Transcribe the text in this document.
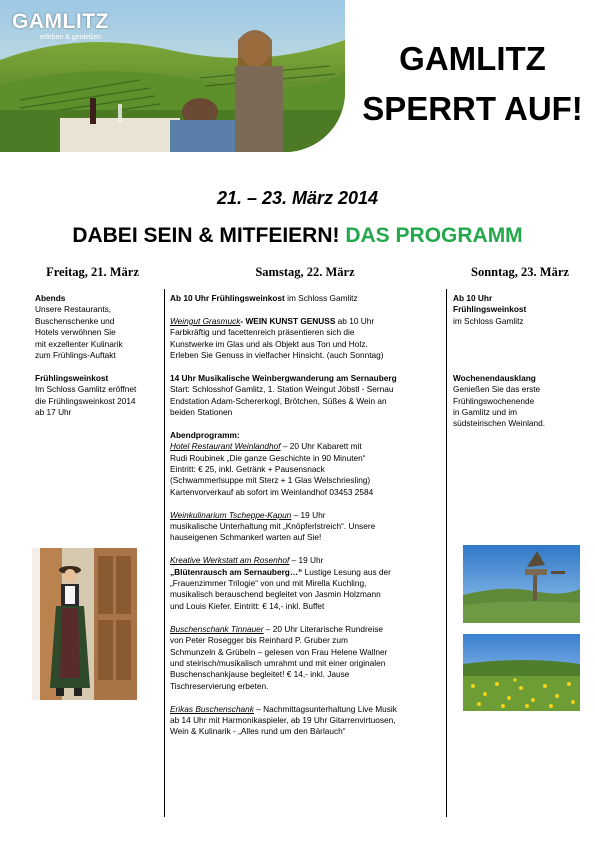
GAMLITZ
erleben & genießen
GAMLITZ
SPERRT AUF!
21. – 23. März 2014
DABEI SEIN & MITFEIERN! DAS PROGRAMM
Freitag, 21. März	Samstag, 22. März	Sonntag, 23. März

Abends

Unsere Restaurants,

Buschenschenke und

Hotels verwöhnen Sie

mit exzellenter Kulinarik

zum Frühlings-Auftakt

Frühlingsweinkost

Im Schloss Gamlitz eröffnet

die Frühlingsweinkost 2014

ab 17 Uhr

Ab 10 Uhr Frühlingsweinkost im Schloss Gamlitz

Weingut Grasmuck- WEIN KUNST GENUSS ab 10 Uhr

Farbkräftig und facettenreich präsentieren sich die

Kunstwerke im Glas und als Objekt aus Ton und Holz.

Erleben Sie Genuss in vielfacher Hinsicht. (auch Sonntag)

14 Uhr Musikalische Weinbergwanderung am Sernauberg

Start: Schlosshof Gamlitz, 1. Station Weingut Jöbstl - Sernau

Endstation Adam-Schererkogl, Brötchen, Süßes & Wein an

beiden Stationen

Abendprogramm:

Hotel Restaurant Weinlandhof – 20 Uhr Kabarett mit

Rudi Roubinek „Die ganze Geschichte in 90 Minuten“

Eintritt: € 25, inkl. Getränk + Pausensnack

(Schwammerlsuppe mit Sterz + 1 Glas Welschriesling)

Kartenvorverkauf ab sofort im Weinlandhof 03453 2584

Weinkulinarium Tscheppe-Kapun – 19 Uhr

musikalische Unterhaltung mit „Knöpferlstreich“. Unsere

hauseigenen Schmankerl warten auf Sie!

Kreative Werkstatt am Rosenhof – 19 Uhr

„Blütenrausch am Sernauberg…“ Lustige Lesung aus der

„Frauenzimmer Trilogie“ von und mit Mirella Kuchling,

musikalisch berauschend begleitet von Jasmin Holzmann

und Louis Kiefer. Eintritt: € 14,- inkl. Buffet

Buschenschank Tinnauer – 20 Uhr Literarische Rundreise

von Peter Rosegger bis Reinhard P. Gruber zum

Schmunzeln & Grübeln – gelesen von Frau Helene Wallner

und steirisch/musikalisch umrahmt und mit einer originalen

Buschenschankjause begleitet! € 14,- inkl. Jause

Tischreservierung erbeten.

Erikas Buschenschank – Nachmittagsunterhaltung Live Musik

ab 14 Uhr mit Harmonikaspieler, ab 19 Uhr Gitarrenvirtuosen,

Wein & Kulinarik - „Alles rund um den Bärlauch“

Ab 10 Uhr

Frühlingsweinkost

im Schloss Gamlitz

Wochenendausklang

Genießen Sie das erste

Frühlingswochenende

in Gamlitz und im

südsteirischen Weinland.
